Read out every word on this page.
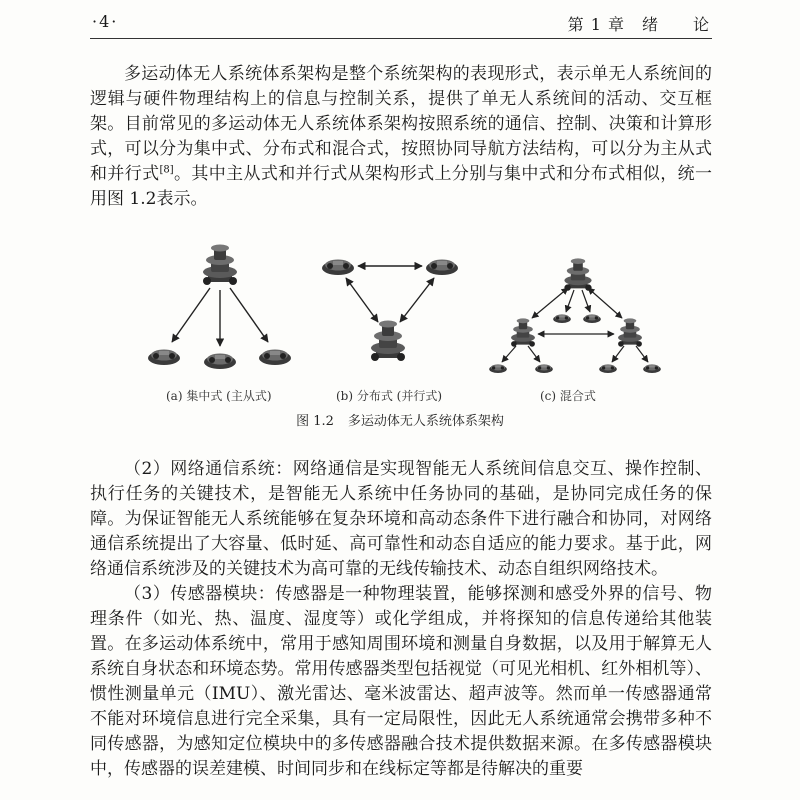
·4·	第 1 章　绪　　论

多运动体无人系统体系架构是整个系统架构的表现形式，表示单无人系统间的逻辑与硬件物理结构上的信息与控制关系，提供了单无人系统间的活动、交互框架。目前常见的多运动体无人系统体系架构按照系统的通信、控制、决策和计算形式，可以分为集中式、分布式和混合式，按照协同导航方法结构，可以分为主从式和并行式[8]。其中主从式和并行式从架构形式上分别与集中式和分布式相似，统一用图 1.2表示。

(a) 集中式 (主从式)	(b) 分布式 (并行式)	(c) 混合式
图 1.2 多运动体无人系统体系架构

（2）网络通信系统：网络通信是实现智能无人系统间信息交互、操作控制、执行任务的关键技术，是智能无人系统中任务协同的基础，是协同完成任务的保障。为保证智能无人系统能够在复杂环境和高动态条件下进行融合和协同，对网络通信系统提出了大容量、低时延、高可靠性和动态自适应的能力要求。基于此，网络通信系统涉及的关键技术为高可靠的无线传输技术、动态自组织网络技术。

（3）传感器模块：传感器是一种物理装置，能够探测和感受外界的信号、物理条件（如光、热、温度、湿度等）或化学组成，并将探知的信息传递给其他装置。在多运动体系统中，常用于感知周围环境和测量自身数据，以及用于解算无人系统自身状态和环境态势。常用传感器类型包括视觉（可见光相机、红外相机等）、惯性测量单元（IMU）、激光雷达、毫米波雷达、超声波等。然而单一传感器通常不能对环境信息进行完全采集，具有一定局限性，因此无人系统通常会携带多种不同传感器，为感知定位模块中的多传感器融合技术提供数据来源。在多传感器模块中，传感器的误差建模、时间同步和在线标定等都是待解决的重要
